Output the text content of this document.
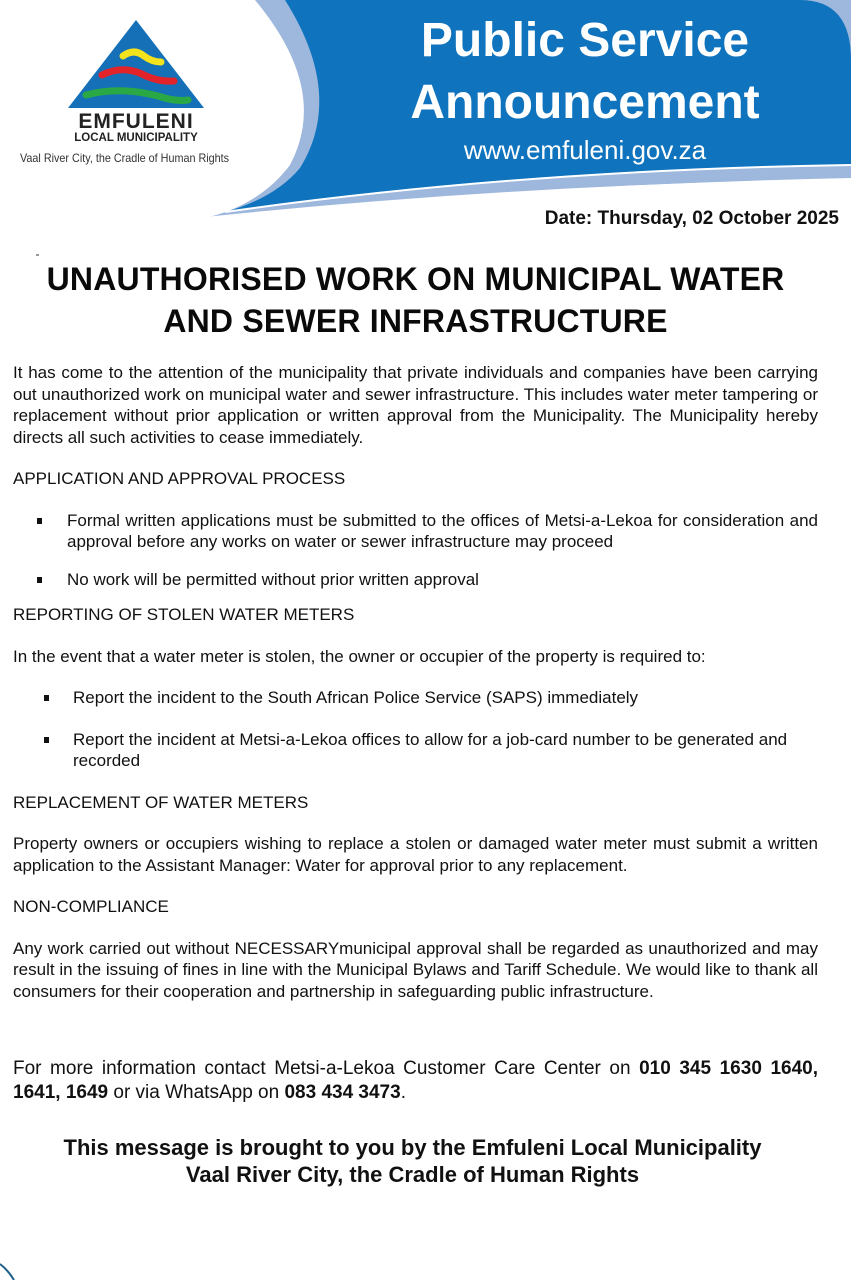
EMFULENI
LOCAL MUNICIPALITY
Vaal River City, the Cradle of Human Rights
Public Service
Announcement
www.emfuleni.gov.za
Date: Thursday, 02 October 2025
UNAUTHORISED WORK ON MUNICIPAL WATER
AND SEWER INFRASTRUCTURE

It has come to the attention of the municipality that private individuals and companies have been carrying out unauthorized work on municipal water and sewer infrastructure. This includes water meter tampering or replacement without prior application or written approval from the Municipality. The Municipality hereby directs all such activities to cease immediately.

APPLICATION AND APPROVAL PROCESS
Formal written applications must be submitted to the offices of Metsi-a-Lekoa for consideration and approval before any works on water or sewer infrastructure may proceed
No work will be permitted without prior written approval
REPORTING OF STOLEN WATER METERS

In the event that a water meter is stolen, the owner or occupier of the property is required to:

Report the incident to the South African Police Service (SAPS) immediately
Report the incident at Metsi-a-Lekoa offices to allow for a job-card number to be generated and recorded
REPLACEMENT OF WATER METERS

Property owners or occupiers wishing to replace a stolen or damaged water meter must submit a written application to the Assistant Manager: Water for approval prior to any replacement.

NON-COMPLIANCE

Any work carried out without NECESSARYmunicipal approval shall be regarded as unauthorized and may result in the issuing of fines in line with the Municipal Bylaws and Tariff Schedule. We would like to thank all consumers for their cooperation and partnership in safeguarding public infrastructure.

For more information contact Metsi-a-Lekoa Customer Care Center on 010 345 1630 1640, 1641, 1649 or via WhatsApp on 083 434 3473.

This message is brought to you by the Emfuleni Local Municipality
Vaal River City, the Cradle of Human Rights
